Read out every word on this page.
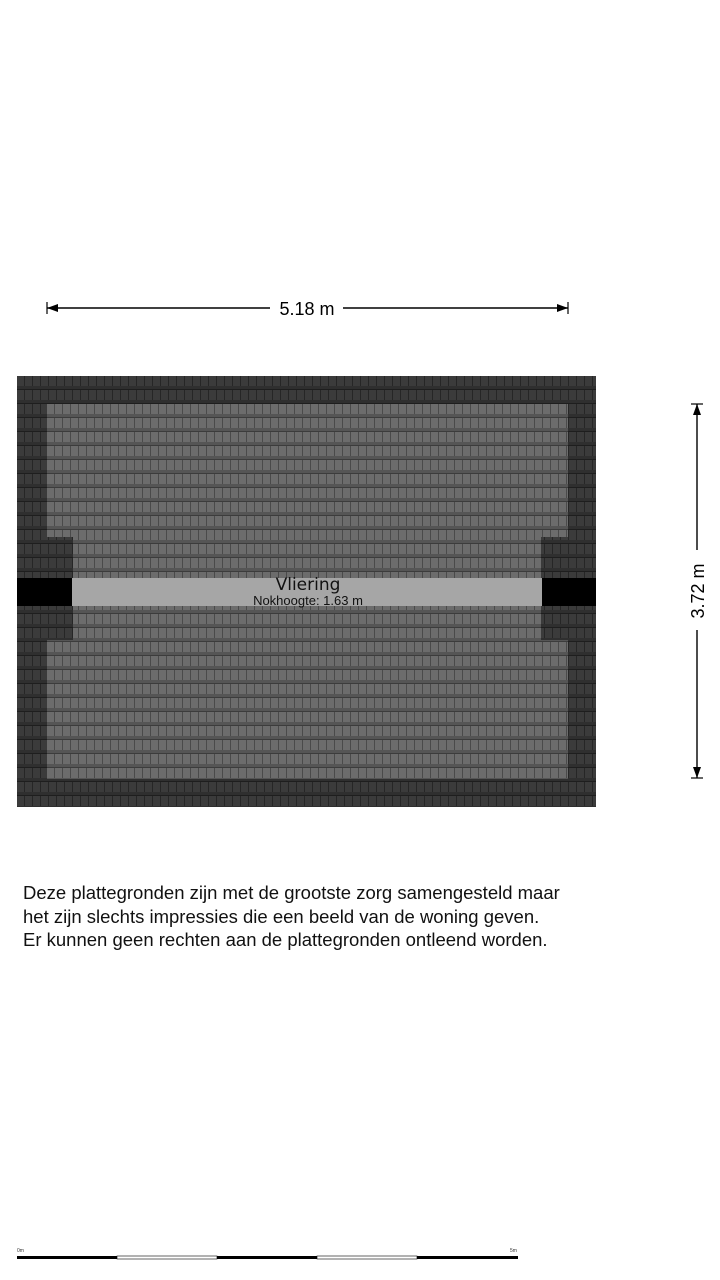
5.18 m
3.72 m
Vliering
Nokhoogte: 1.63 m
0m	5m
Deze plattegronden zijn met de grootste zorg samengesteld maar
het zijn slechts impressies die een beeld van de woning geven.
Er kunnen geen rechten aan de plattegronden ontleend worden.
